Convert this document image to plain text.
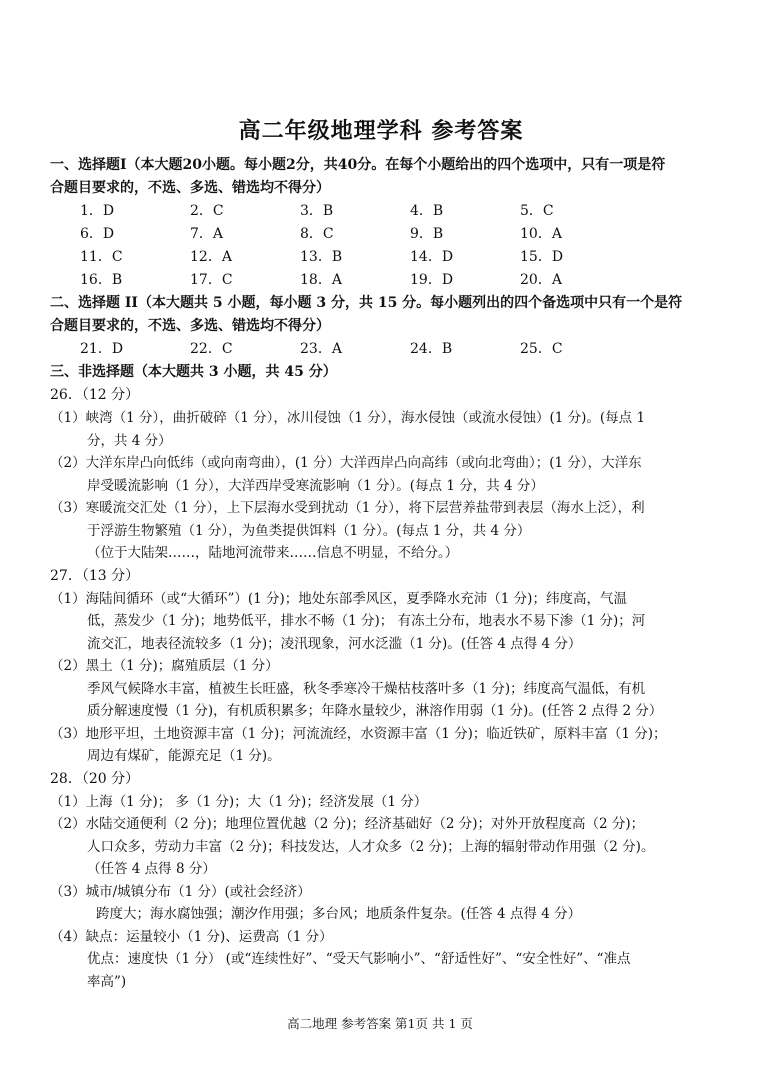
高二年级地理学科 参考答案

一、选择题I（本大题20小题。每小题2分，共40分。在每个小题给出的四个选项中，只有一项是符

合题目要求的，不选、多选、错选均不得分）

1．D	2．C	3．B	4．B	5．C
6．D	7．A	8．C	9．B	10．A
11．C	12．A	13．B	14．D	15．D
16．B	17．C	18．A	19．D	20．A

二、选择题 II（本大题共 5 小题，每小题 3 分，共 15 分。每小题列出的四个备选项中只有一个是符

合题目要求的，不选、多选、错选均不得分）

21．D	22．C	23．A	24．B	25．C

三、非选择题（本大题共 3 小题，共 45 分）

26．（12 分）

（1）峡湾（1 分），曲折破碎（1 分），冰川侵蚀（1 分），海水侵蚀（或流水侵蚀）(1 分)。(每点 1

分，共 4 分）

（2）大洋东岸凸向低纬（或向南弯曲），(1 分）大洋西岸凸向高纬（或向北弯曲）；(1 分），大洋东

岸受暖流影响（1 分），大洋西岸受寒流影响（1 分）。(每点 1 分，共 4 分）

（3）寒暖流交汇处（1 分），上下层海水受到扰动（1 分），将下层营养盐带到表层（海水上泛），利

于浮游生物繁殖（1 分），为鱼类提供饵料（1 分）。(每点 1 分，共 4 分）

（位于大陆架……，陆地河流带来……信息不明显，不给分。）

27．（13 分）

（1）海陆间循环（或“大循环”）(1 分)；地处东部季风区，夏季降水充沛（1 分)；纬度高，气温

低，蒸发少（1 分)；地势低平，排水不畅（1 分)； 有冻土分布，地表水不易下渗（1 分)；河

流交汇，地表径流较多（1 分)；凌汛现象，河水泛滥（1 分)。(任答 4 点得 4 分）

（2）黑土（1 分)；腐殖质层（1 分）

季风气候降水丰富，植被生长旺盛，秋冬季寒冷干燥枯枝落叶多（1 分)；纬度高气温低，有机

质分解速度慢（1 分)，有机质积累多；年降水量较少，淋溶作用弱（1 分)。(任答 2 点得 2 分）

（3）地形平坦，土地资源丰富（1 分)；河流流经，水资源丰富（1 分)；临近铁矿，原料丰富（1 分)；

周边有煤矿，能源充足（1 分)。

28．（20 分）

（1）上海（1 分)； 多（1 分)；大（1 分)；经济发展（1 分）

（2）水陆交通便利（2 分)；地理位置优越（2 分)；经济基础好（2 分)；对外开放程度高（2 分)；

人口众多，劳动力丰富（2 分)；科技发达，人才众多（2 分)；上海的辐射带动作用强（2 分)。

（任答 4 点得 8 分）

（3）城市/城镇分布（1 分）(或社会经济）

跨度大；海水腐蚀强；潮汐作用强；多台风；地质条件复杂。(任答 4 点得 4 分）

（4）缺点：运量较小（1 分)、运费高（1 分）

优点：速度快（1 分） (或“连续性好”、“受天气影响小”、“舒适性好”、“安全性好”、“准点

率高”)

高二地理 参考答案 第1页 共 1 页
